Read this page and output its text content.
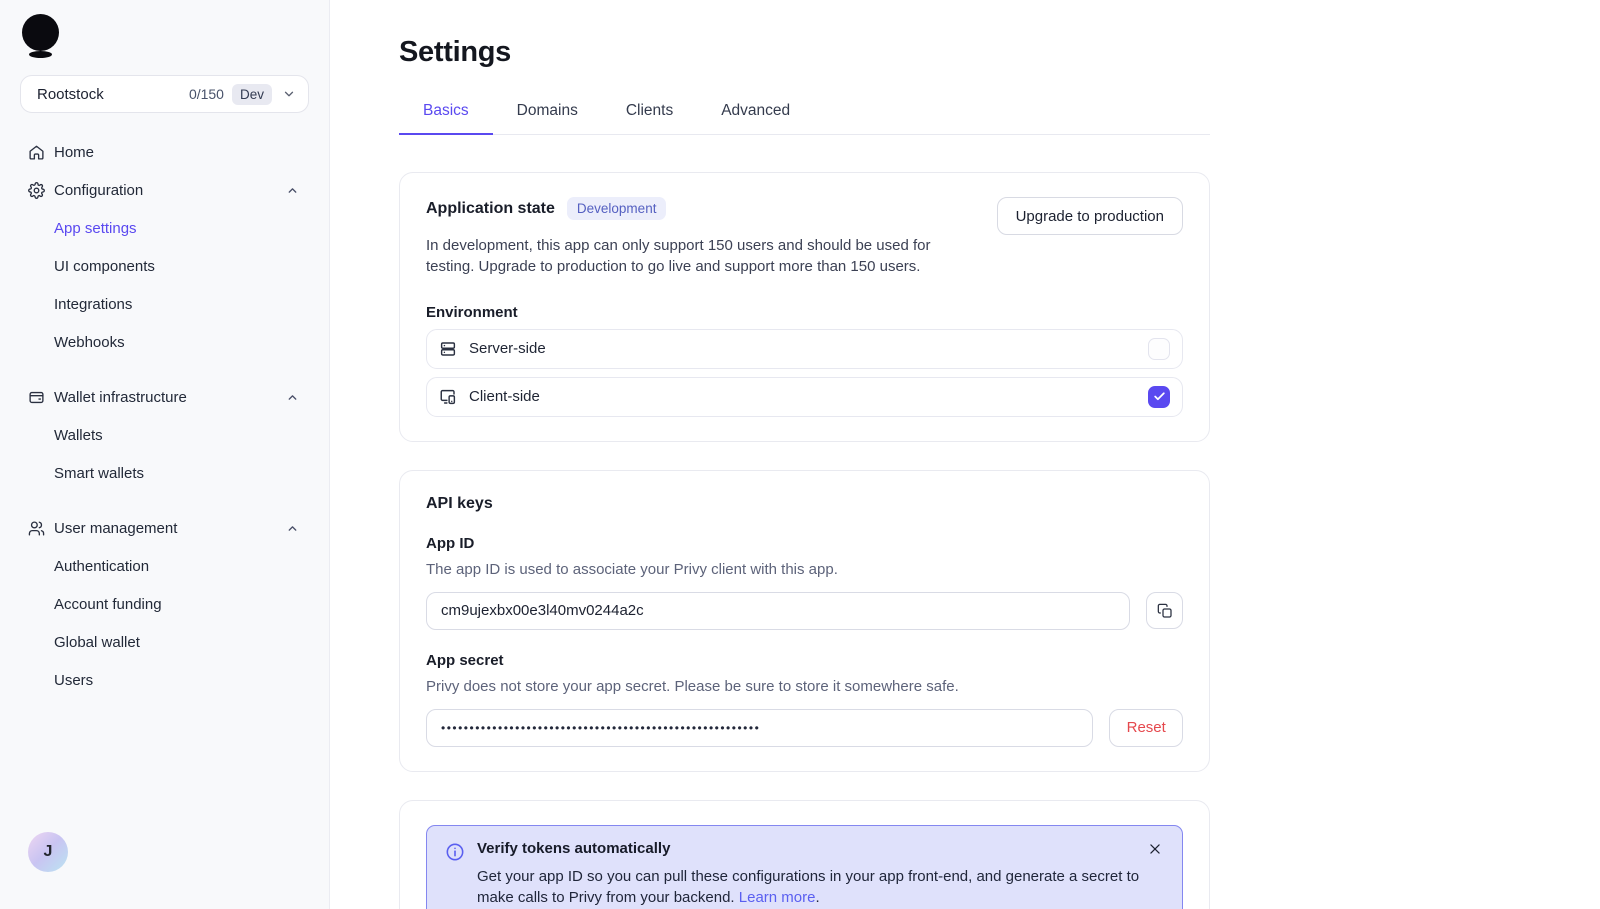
Rootstock	0/150	Dev
Home
Configuration
App settings
UI components
Integrations
Webhooks
Wallet infrastructure
Wallets
Smart wallets
User management
Authentication
Account funding
Global wallet
Users
J
Settings
Basics	Domains	Clients	Advanced
Application state	Development

In development, this app can only support 150 users and should be used for testing. Upgrade to production to go live and support more than 150 users.

Upgrade to production
Environment
Server-side
Client-side
API keys
App ID
The app ID is used to associate your Privy client with this app.
cm9ujexbx00e3l40mv0244a2c
App secret
Privy does not store your app secret. Please be sure to store it somewhere safe.
••••••••••••••••••••••••••••••••••••••••••••••••••••••••
Reset
Verify tokens automatically
Get your app ID so you can pull these configurations in your app front-end, and generate a secret to make calls to Privy from your backend. Learn more.
